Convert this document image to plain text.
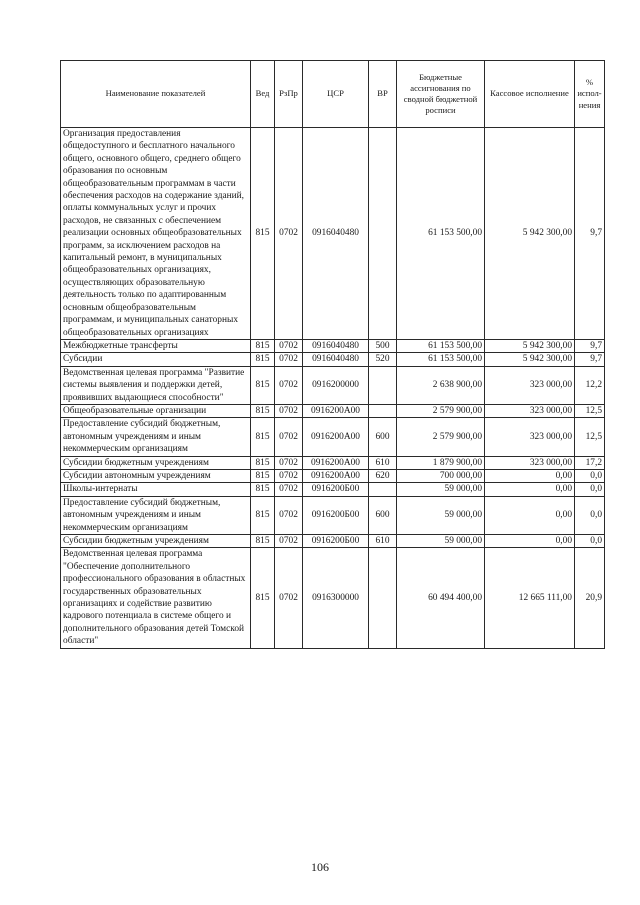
Наименование показателей	Вед	РзПр	ЦСР	ВР	Бюджетные ассигнования по сводной бюджетной росписи	Кассовое исполнение	% испол-нения
Организация предоставления общедоступного и бесплатного начального общего, основного общего, среднего общего образования по основным общеобразовательным программам в части обеспечения расходов на содержание зданий, оплаты коммунальных услуг и прочих расходов, не связанных с обеспечением реализации основных общеобразовательных программ, за исключением расходов на капитальный ремонт, в муниципальных общеобразовательных организациях, осуществляющих образовательную деятельность только по адаптированным основным общеобразовательным программам, и муниципальных санаторных общеобразовательных организациях	815	0702	0916040480		61 153 500,00	5 942 300,00	9,7
Межбюджетные трансферты	815	0702	0916040480	500	61 153 500,00	5 942 300,00	9,7
Субсидии	815	0702	0916040480	520	61 153 500,00	5 942 300,00	9,7
Ведомственная целевая программа "Развитие системы выявления и поддержки детей, проявивших выдающиеся способности"	815	0702	0916200000		2 638 900,00	323 000,00	12,2
Общеобразовательные организации	815	0702	0916200А00		2 579 900,00	323 000,00	12,5
Предоставление субсидий бюджетным, автономным учреждениям и иным некоммерческим организациям	815	0702	0916200А00	600	2 579 900,00	323 000,00	12,5
Субсидии бюджетным учреждениям	815	0702	0916200А00	610	1 879 900,00	323 000,00	17,2
Субсидии автономным учреждениям	815	0702	0916200А00	620	700 000,00	0,00	0,0
Школы-интернаты	815	0702	0916200Б00		59 000,00	0,00	0,0
Предоставление субсидий бюджетным, автономным учреждениям и иным некоммерческим организациям	815	0702	0916200Б00	600	59 000,00	0,00	0,0
Субсидии бюджетным учреждениям	815	0702	0916200Б00	610	59 000,00	0,00	0,0
Ведомственная целевая программа "Обеспечение дополнительного профессионального образования в областных государственных образовательных организациях и содействие развитию кадрового потенциала в системе общего и дополнительного образования детей Томской области"	815	0702	0916300000		60 494 400,00	12 665 111,00	20,9
106
